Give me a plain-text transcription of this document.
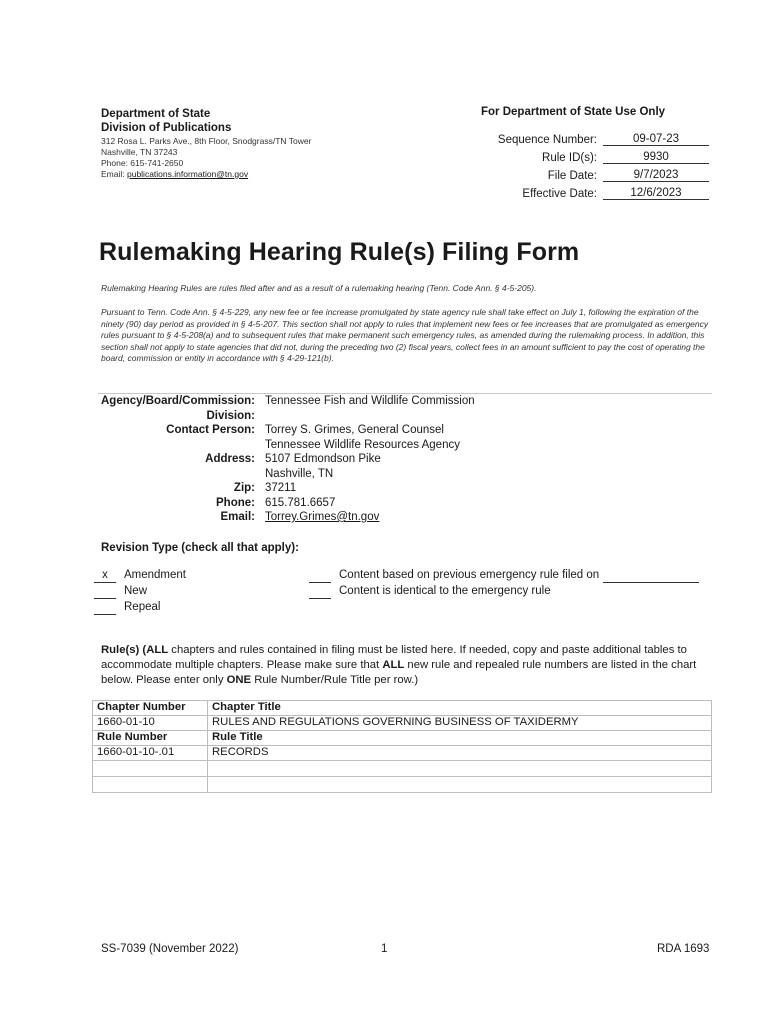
Department of State
Division of Publications
312 Rosa L. Parks Ave., 8th Floor, Snodgrass/TN Tower
Nashville, TN 37243
Phone: 615-741-2650
Email: publications.information@tn.gov
For Department of State Use Only
Sequence Number:	09-07-23
Rule ID(s):	9930
File Date:	9/7/2023
Effective Date:	12/6/2023
Rulemaking Hearing Rule(s) Filing Form
Rulemaking Hearing Rules are rules filed after and as a result of a rulemaking hearing (Tenn. Code Ann. § 4-5-205).
Pursuant to Tenn. Code Ann. § 4-5-229, any new fee or fee increase promulgated by state agency rule shall take effect on July 1, following the expiration of the ninety (90) day period as provided in § 4-5-207. This section shall not apply to rules that implement new fees or fee increases that are promulgated as emergency rules pursuant to § 4-5-208(a) and to subsequent rules that make permanent such emergency rules, as amended during the rulemaking process. In addition, this section shall not apply to state agencies that did not, during the preceding two (2) fiscal years, collect fees in an amount sufficient to pay the cost of operating the board, commission or entity in accordance with § 4-29-121(b).
Agency/Board/Commission: Tennessee Fish and Wildlife Commission
Division:
Contact Person: Torrey S. Grimes, General Counsel
Tennessee Wildlife Resources Agency
Address: 5107 Edmondson Pike
Nashville, TN
Zip: 37211
Phone: 615.781.6657
Email: Torrey.Grimes@tn.gov
Revision Type (check all that apply):
x	Amendment
New
Repeal
Content based on previous emergency rule filed on
Content is identical to the emergency rule
Rule(s) (ALL chapters and rules contained in filing must be listed here. If needed, copy and paste additional tables to accommodate multiple chapters. Please make sure that ALL new rule and repealed rule numbers are listed in the chart below. Please enter only ONE Rule Number/Rule Title per row.)
Chapter Number	Chapter Title
1660-01-10	RULES AND REGULATIONS GOVERNING BUSINESS OF TAXIDERMY
Rule Number	Rule Title
1660-01-10-.01	RECORDS

SS-7039 (November 2022)	1	RDA 1693
